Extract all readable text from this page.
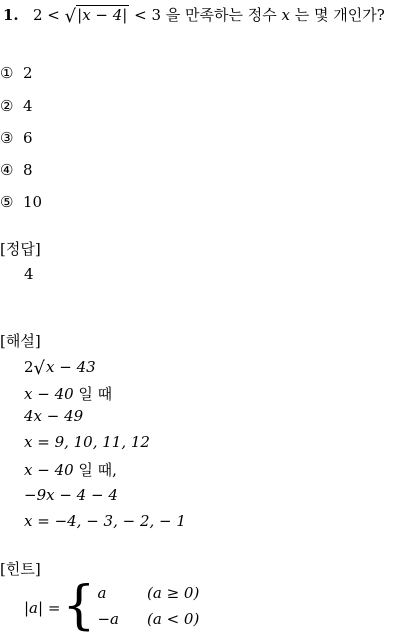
1. 2 < √|x − 4| < 3 을 만족하는 정수 x 는 몇 개인가?
① 2
② 4
③ 6
④ 8
⑤ 10
[정답]
4
[해설]
2√x − 43
x − 40 일 때
4x − 49
x = 9, 10, 11, 12
x − 40 일 때,
−9x − 4 − 4
x = −4, − 3, − 2, − 1
[힌트]
|a| = { a	(a ≥ 0)
−a	(a < 0)
